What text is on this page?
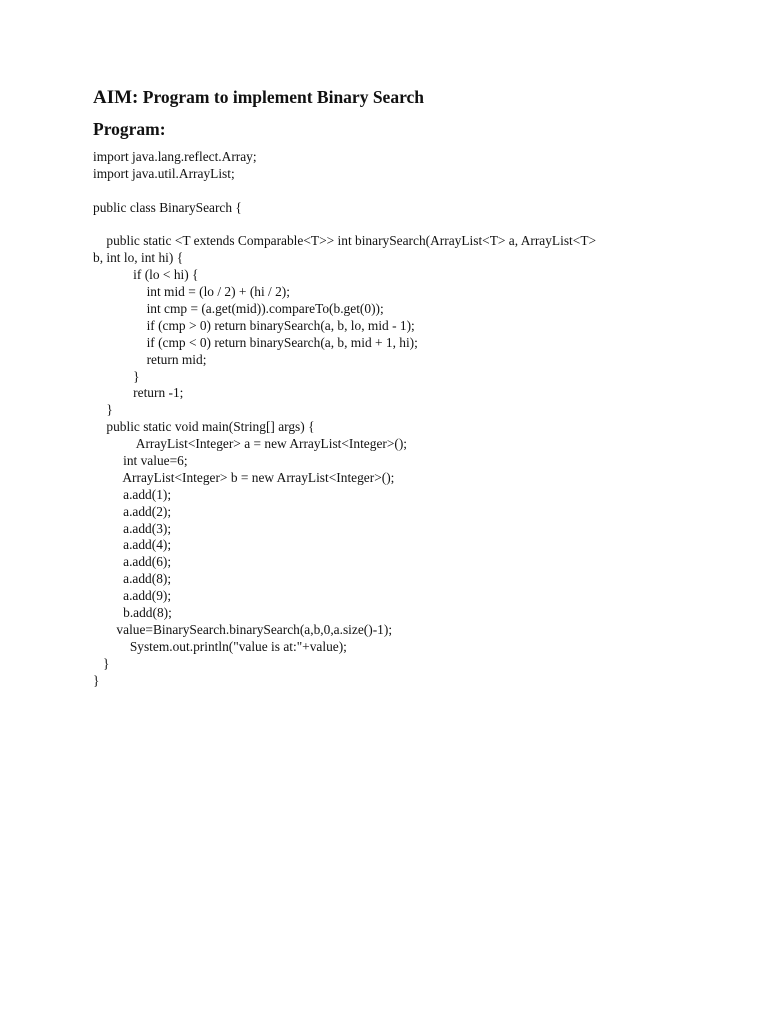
AIM: Program to implement Binary Search
Program:
import java.lang.reflect.Array;
import java.util.ArrayList;
public class BinarySearch {
public static <T extends Comparable<T>> int binarySearch(ArrayList<T> a, ArrayList<T>
b, int lo, int hi) {
if (lo < hi) {
int mid = (lo / 2) + (hi / 2);
int cmp = (a.get(mid)).compareTo(b.get(0));
if (cmp > 0) return binarySearch(a, b, lo, mid - 1);
if (cmp < 0) return binarySearch(a, b, mid + 1, hi);
return mid;
}
return -1;
}
public static void main(String[] args) {
ArrayList<Integer> a = new ArrayList<Integer>();
int value=6;
ArrayList<Integer> b = new ArrayList<Integer>();
a.add(1);
a.add(2);
a.add(3);
a.add(4);
a.add(6);
a.add(8);
a.add(9);
b.add(8);
value=BinarySearch.binarySearch(a,b,0,a.size()-1);
System.out.println("value is at:"+value);
}
}
